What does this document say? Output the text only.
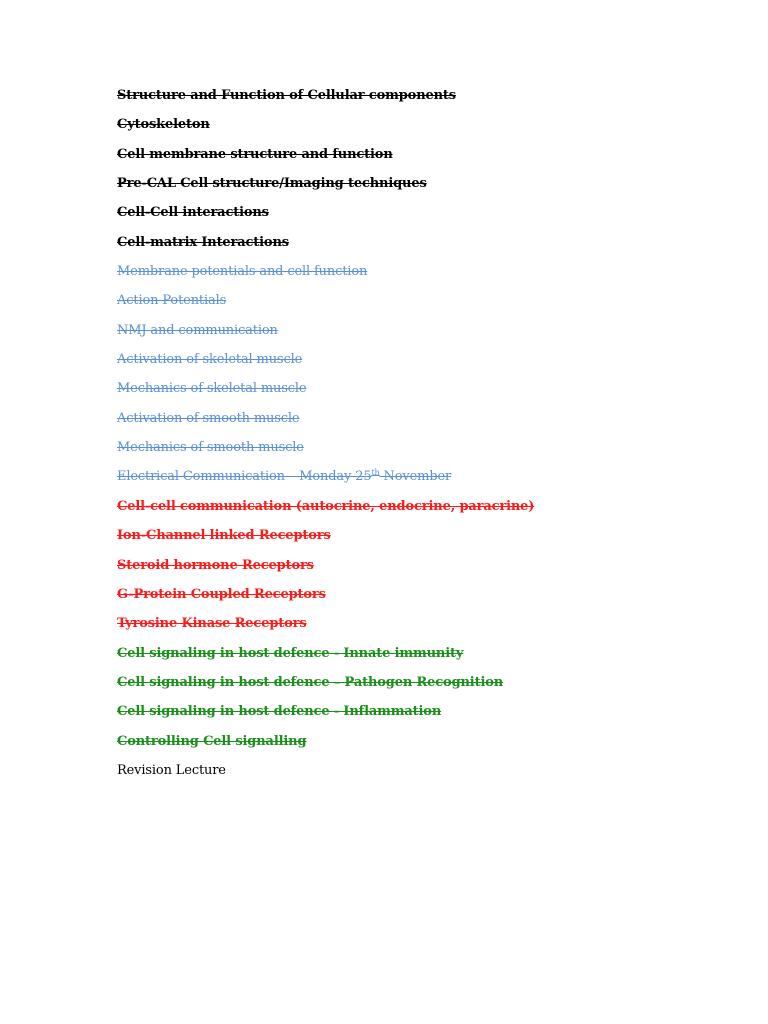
Structure and Function of Cellular components
Cytoskeleton
Cell membrane structure and function
Pre-CAL Cell structure/Imaging techniques
Cell-Cell interactions
Cell-matrix Interactions
Membrane potentials and cell function
Action Potentials
NMJ and communication
Activation of skeletal muscle
Mechanics of skeletal muscle
Activation of smooth muscle
Mechanics of smooth muscle
Electrical Communication – Monday 25th November
Cell-cell communication (autocrine, endocrine, paracrine)
Ion-Channel linked Receptors
Steroid hormone Receptors
G-Protein Coupled Receptors
Tyrosine Kinase Receptors
Cell signaling in host defence - Innate immunity
Cell signaling in host defence – Pathogen Recognition
Cell signaling in host defence - Inflammation
Controlling Cell signalling
Revision Lecture
